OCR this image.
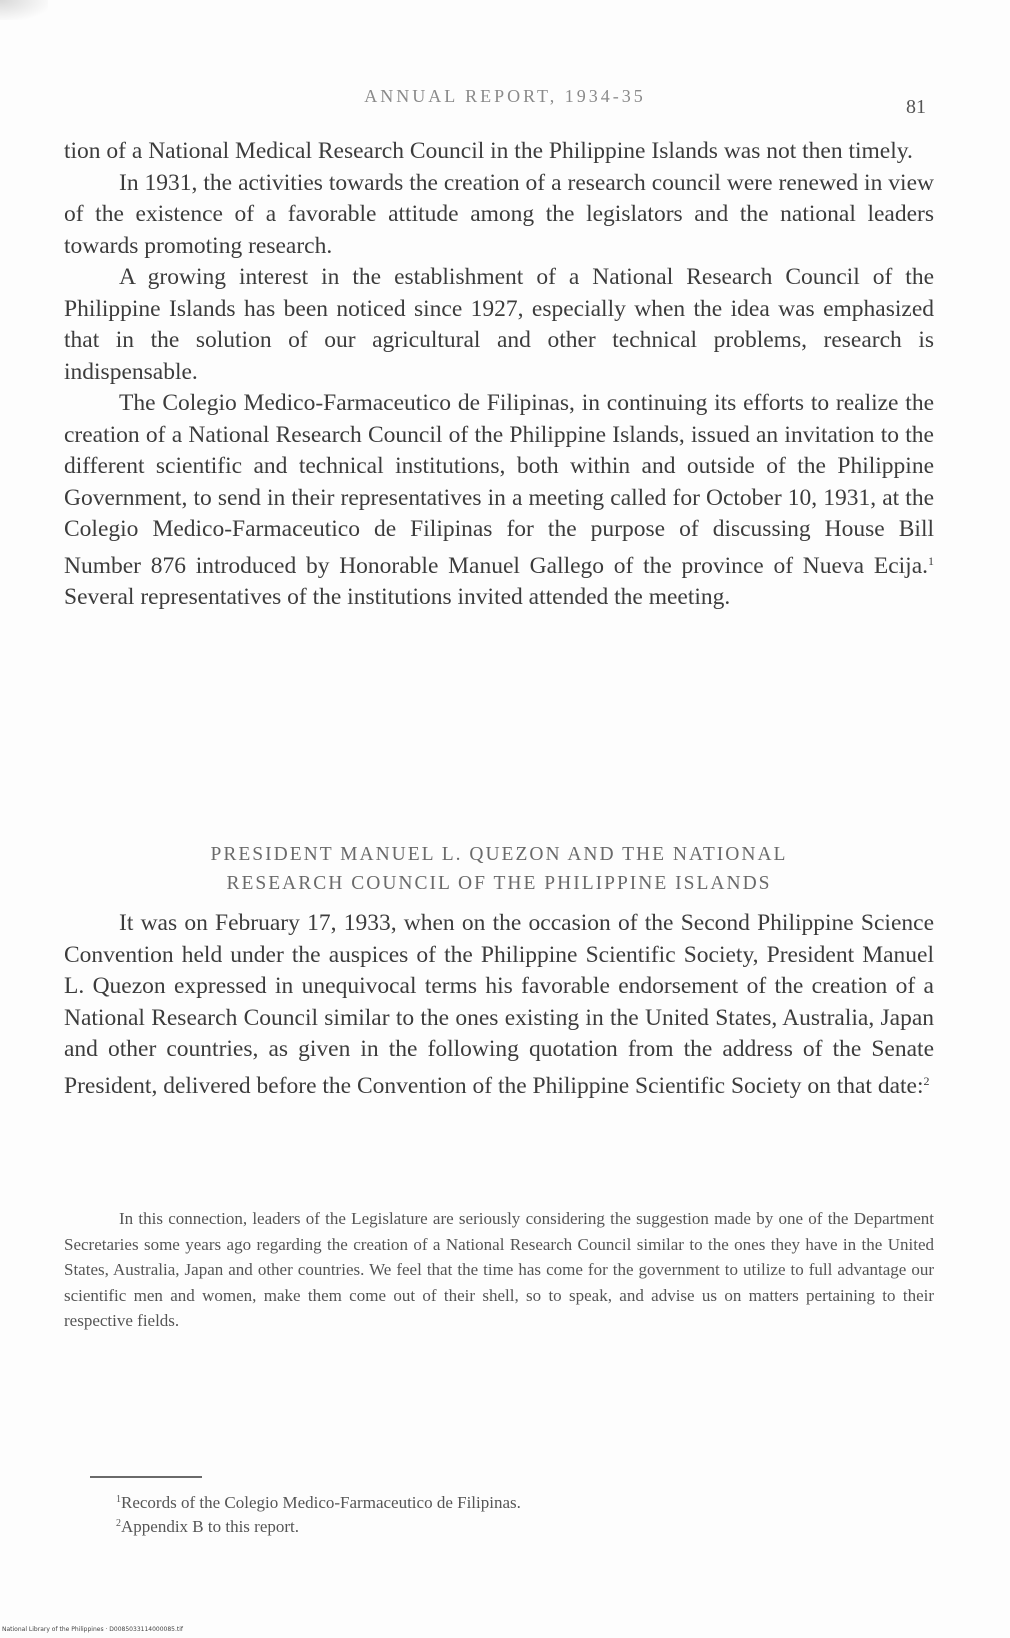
ANNUAL REPORT, 1934-35	81

tion of a National Medical Research Council in the Philippine Islands was not then timely.

In 1931, the activities towards the creation of a research council were renewed in view of the existence of a favorable attitude among the legislators and the national leaders towards promoting research.

A growing interest in the establishment of a National Research Council of the Philippine Islands has been noticed since 1927, especially when the idea was emphasized that in the solution of our agricultural and other technical problems, research is indispensable.

The Colegio Medico-Farmaceutico de Filipinas, in continuing its efforts to realize the creation of a National Research Council of the Philippine Islands, issued an invitation to the different scientific and technical institutions, both within and outside of the Philippine Government, to send in their representatives in a meeting called for October 10, 1931, at the Colegio Medico-Farmaceutico de Filipinas for the purpose of discussing House Bill Number 876 introduced by Honorable Manuel Gallego of the province of Nueva Ecija.$^1$ Several representatives of the institutions invited attended the meeting.

PRESIDENT MANUEL L. QUEZON AND THE NATIONAL
RESEARCH COUNCIL OF THE PHILIPPINE ISLANDS

It was on February 17, 1933, when on the occasion of the Second Philippine Science Convention held under the auspices of the Philippine Scientific Society, President Manuel L. Quezon expressed in unequivocal terms his favorable endorsement of the creation of a National Research Council similar to the ones existing in the United States, Australia, Japan and other countries, as given in the following quotation from the address of the Senate President, delivered before the Convention of the Philippine Scientific Society on that date:$^2$

In this connection, leaders of the Legislature are seriously considering the suggestion made by one of the Department Secretaries some years ago regarding the creation of a National Research Council similar to the ones they have in the United States, Australia, Japan and other countries. We feel that the time has come for the government to utilize to full advantage our scientific men and women, make them come out of their shell, so to speak, and advise us on matters pertaining to their respective fields.

$^1$Records of the Colegio Medico-Farmaceutico de Filipinas.

$^2$Appendix B to this report.

National Library of the Philippines · D0085033114000085.tif
